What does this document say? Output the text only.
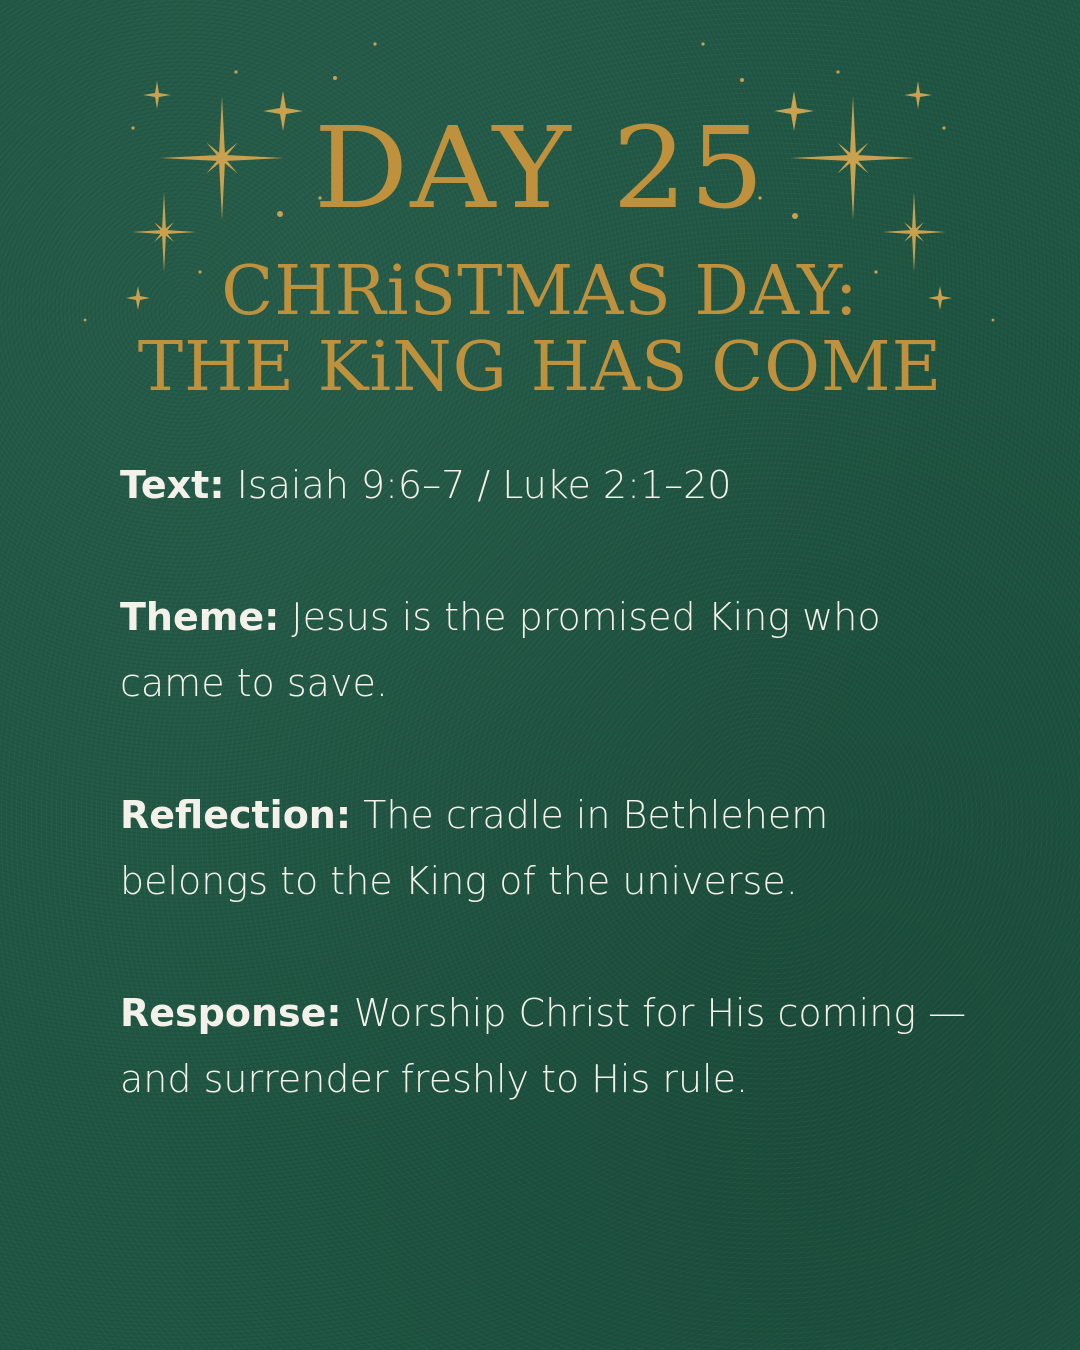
DAY 25
CHRiSTMAS DAY:
THE KiNG HAS COME

Text: Isaiah 9:6–7 / Luke 2:1–20

Theme: Jesus is the promised King who came to save.

Reflection: The cradle in Bethlehem belongs to the King of the universe.

Response: Worship Christ for His coming — and surrender freshly to His rule.
